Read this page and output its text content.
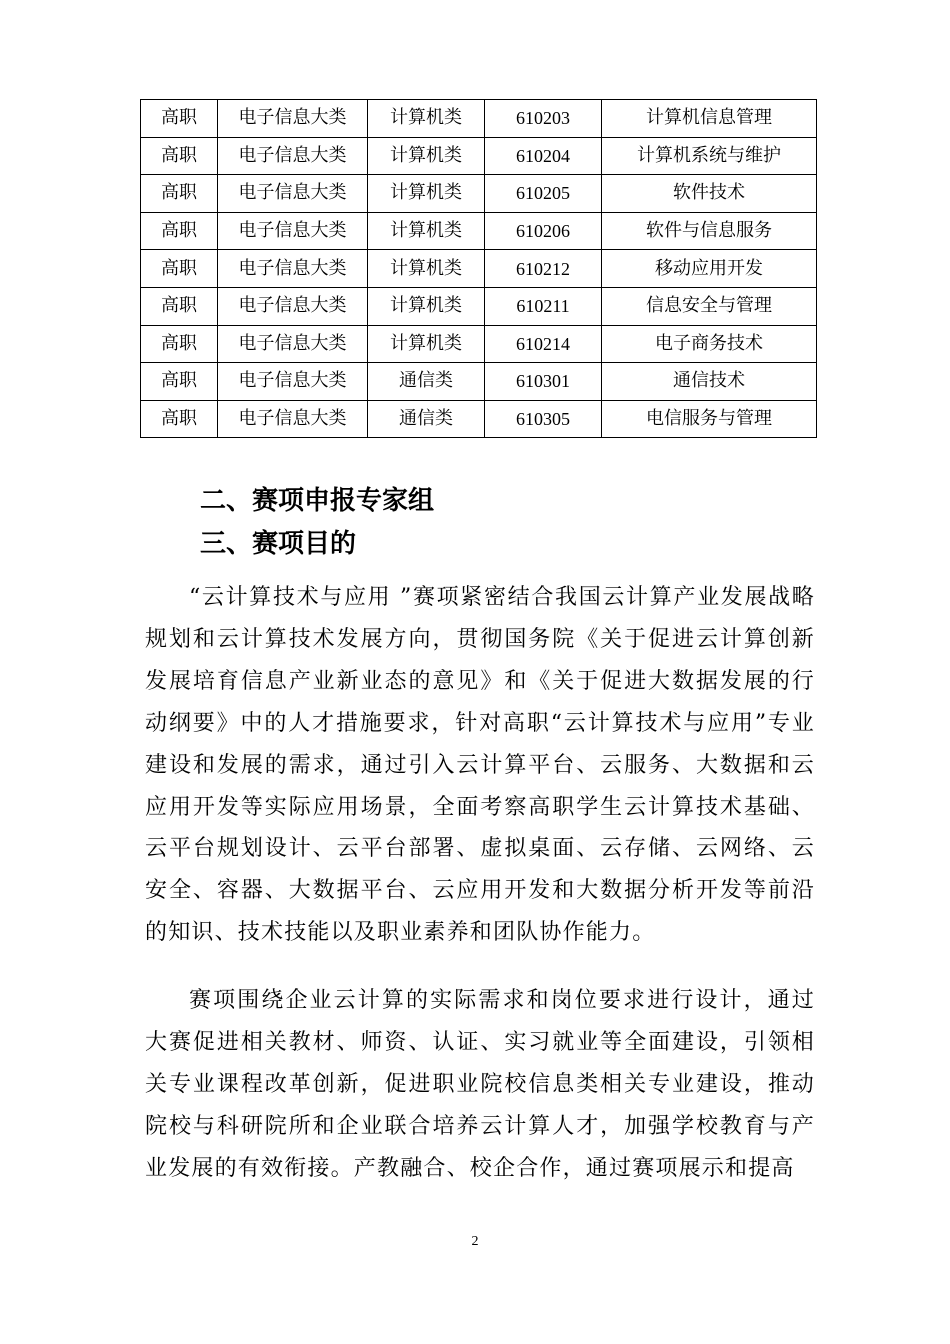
高职	电子信息大类	计算机类	610203	计算机信息管理
高职	电子信息大类	计算机类	610204	计算机系统与维护
高职	电子信息大类	计算机类	610205	软件技术
高职	电子信息大类	计算机类	610206	软件与信息服务
高职	电子信息大类	计算机类	610212	移动应用开发
高职	电子信息大类	计算机类	610211	信息安全与管理
高职	电子信息大类	计算机类	610214	电子商务技术
高职	电子信息大类	通信类	610301	通信技术
高职	电子信息大类	通信类	610305	电信服务与管理
二、赛项申报专家组
三、赛项目的

“云计算技术与应用 ”赛项紧密结合我国云计算产业发展战略规划和云计算技术发展方向，贯彻国务院《关于促进云计算创新发展培育信息产业新业态的意见》和《关于促进大数据发展的行动纲要》中的人才措施要求，针对高职“云计算技术与应用”专业建设和发展的需求，通过引入云计算平台、云服务、大数据和云应用开发等实际应用场景，全面考察高职学生云计算技术基础、云平台规划设计、云平台部署、虚拟桌面、云存储、云网络、云安全、容器、大数据平台、云应用开发和大数据分析开发等前沿的知识、技术技能以及职业素养和团队协作能力。

赛项围绕企业云计算的实际需求和岗位要求进行设计，通过大赛促进相关教材、师资、认证、实习就业等全面建设，引领相关专业课程改革创新，促进职业院校信息类相关专业建设，推动院校与科研院所和企业联合培养云计算人才，加强学校教育与产业发展的有效衔接。产教融合、校企合作，通过赛项展示和提高

2
